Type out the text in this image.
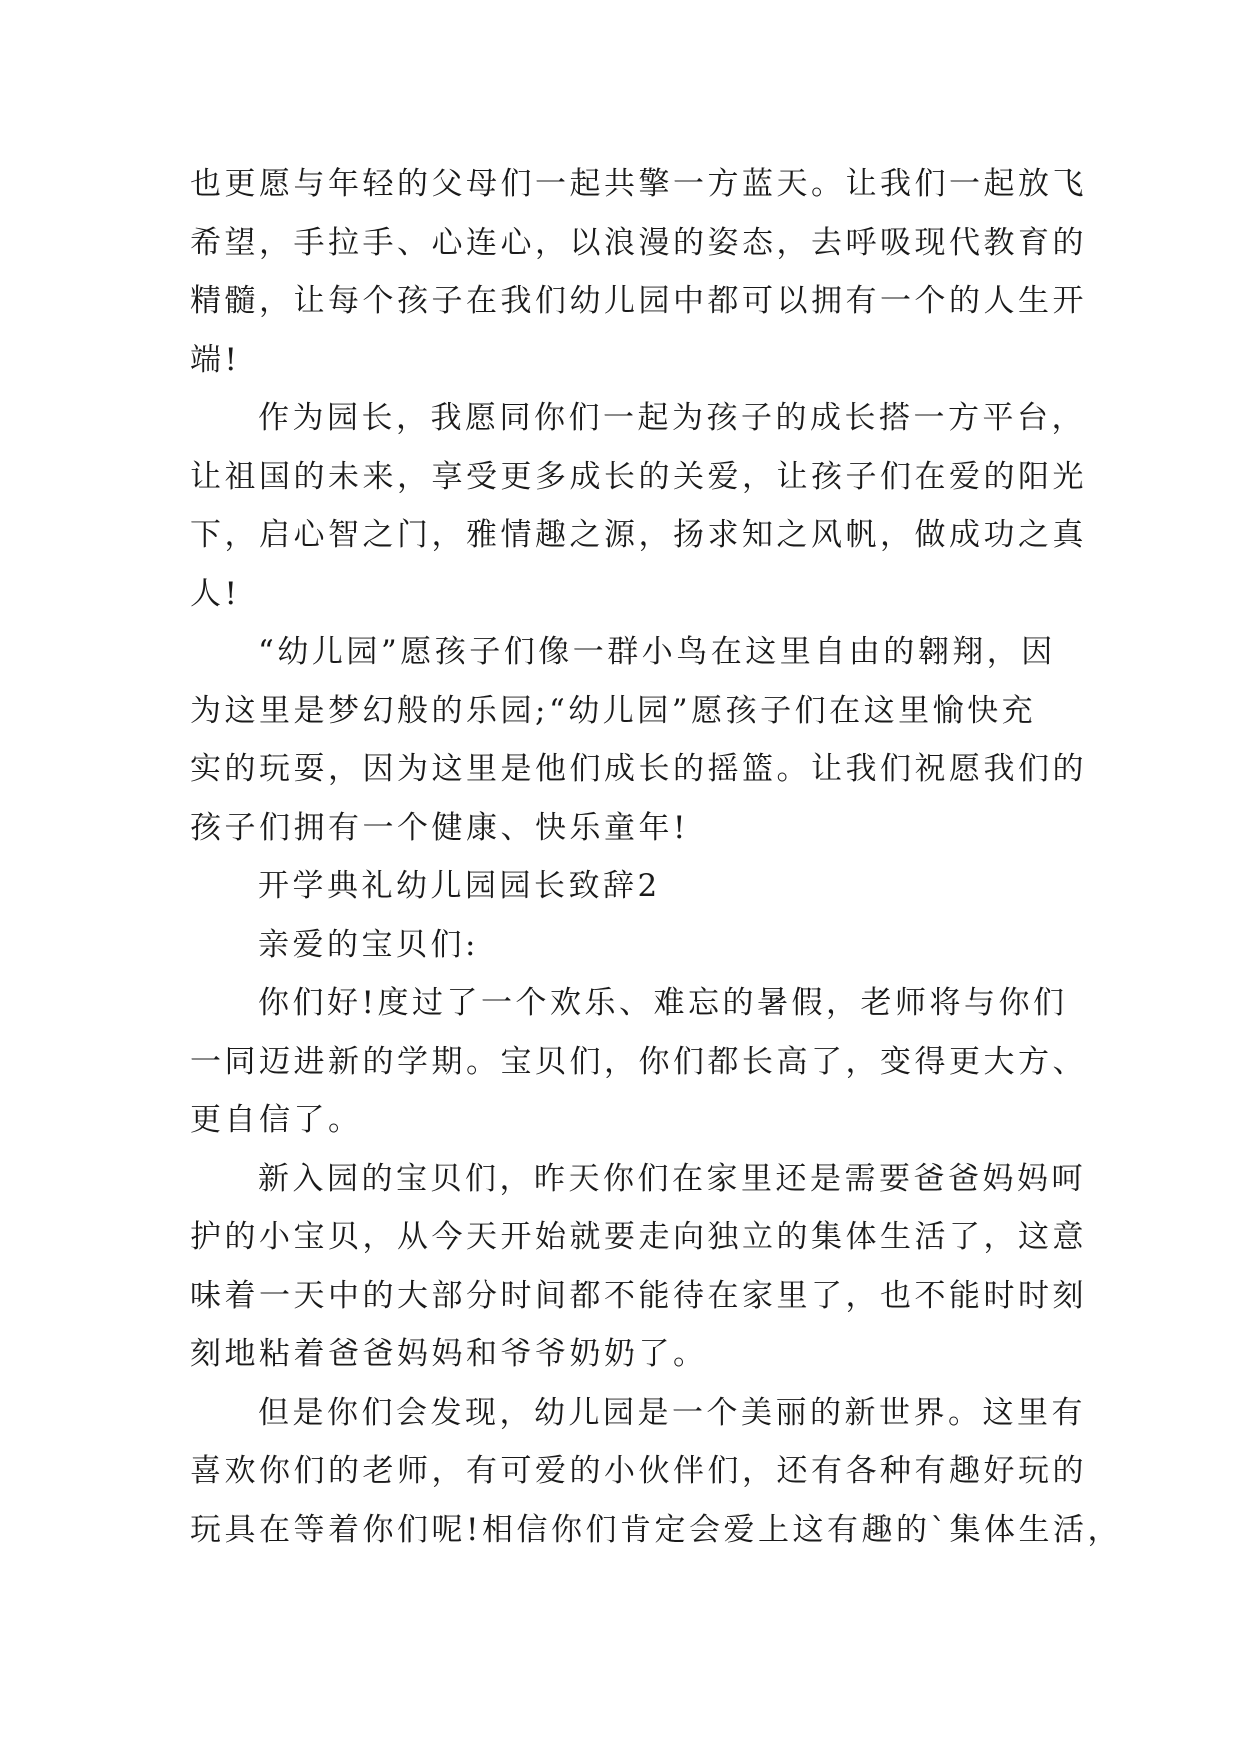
也更愿与年轻的父母们一起共擎一方蓝天。让我们一起放飞
希望，手拉手、心连心，以浪漫的姿态，去呼吸现代教育的
精髓，让每个孩子在我们幼儿园中都可以拥有一个的人生开
端!
作为园长，我愿同你们一起为孩子的成长搭一方平台，
让祖国的未来，享受更多成长的关爱，让孩子们在爱的阳光
下，启心智之门，雅情趣之源，扬求知之风帆，做成功之真
人!
“幼儿园”愿孩子们像一群小鸟在这里自由的翱翔，因
为这里是梦幻般的乐园;“幼儿园”愿孩子们在这里愉快充
实的玩耍，因为这里是他们成长的摇篮。让我们祝愿我们的
孩子们拥有一个健康、快乐童年!
开学典礼幼儿园园长致辞2
亲爱的宝贝们:
你们好!度过了一个欢乐、难忘的暑假，老师将与你们
一同迈进新的学期。宝贝们，你们都长高了，变得更大方、
更自信了。
新入园的宝贝们，昨天你们在家里还是需要爸爸妈妈呵
护的小宝贝，从今天开始就要走向独立的集体生活了，这意
味着一天中的大部分时间都不能待在家里了，也不能时时刻
刻地粘着爸爸妈妈和爷爷奶奶了。
但是你们会发现，幼儿园是一个美丽的新世界。这里有
喜欢你们的老师，有可爱的小伙伴们，还有各种有趣好玩的
玩具在等着你们呢!相信你们肯定会爱上这有趣的`集体生活，
